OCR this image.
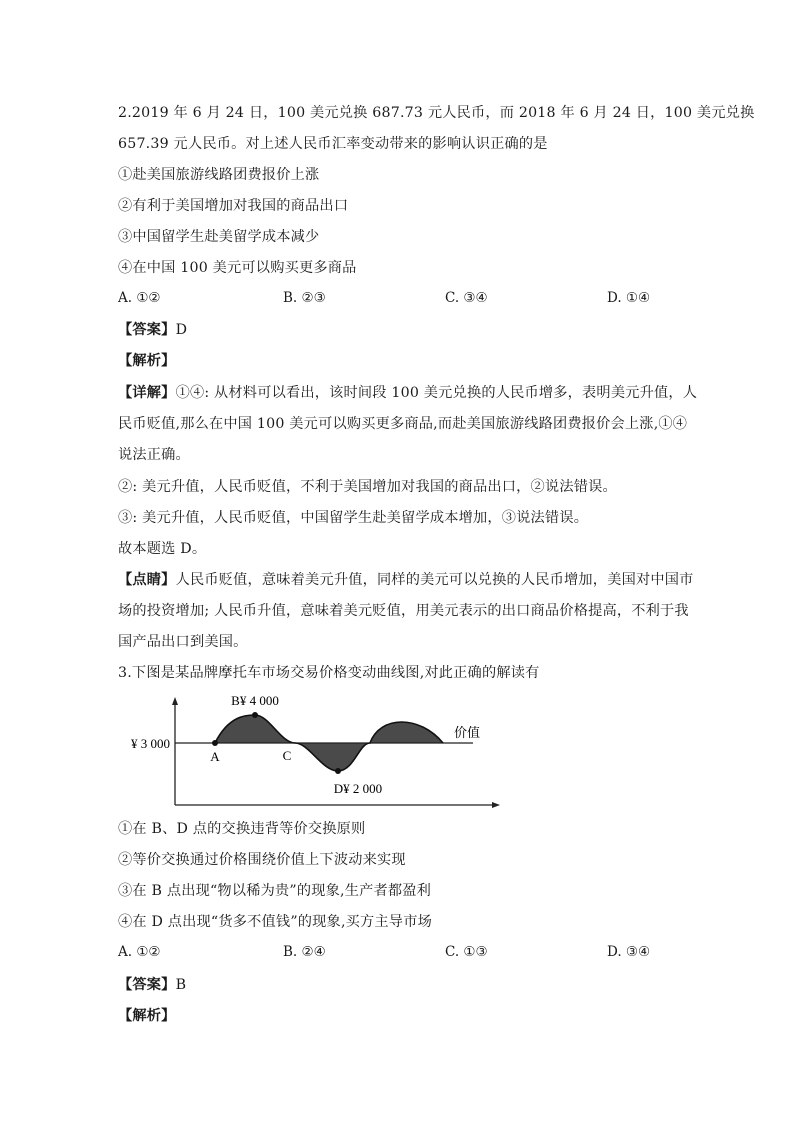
2.2019 年 6 月 24 日，100 美元兑换 687.73 元人民币，而 2018 年 6 月 24 日，100 美元兑换
657.39 元人民币。对上述人民币汇率变动带来的影响认识正确的是
①赴美国旅游线路团费报价上涨
②有利于美国增加对我国的商品出口
③中国留学生赴美留学成本减少
④在中国 100 美元可以购买更多商品
A. ①②	B. ②③	C. ③④	D. ①④
【答案】D
【解析】
【详解】①④: 从材料可以看出，该时间段 100 美元兑换的人民币增多，表明美元升值，人
民币贬值,那么在中国 100 美元可以购买更多商品,而赴美国旅游线路团费报价会上涨,①④
说法正确。
②: 美元升值，人民币贬值，不利于美国增加对我国的商品出口，②说法错误。
③: 美元升值，人民币贬值，中国留学生赴美留学成本增加，③说法错误。
故本题选 D。
【点睛】人民币贬值，意味着美元升值，同样的美元可以兑换的人民币增加，美国对中国市
场的投资增加; 人民币升值，意味着美元贬值，用美元表示的出口商品价格提高，不利于我
国产品出口到美国。
3.下图是某品牌摩托车市场交易价格变动曲线图,对此正确的解读有
¥ 3 000
价值
A
B¥ 4 000
C
D¥ 2 000
①在 B、D 点的交换违背等价交换原则
②等价交换通过价格围绕价值上下波动来实现
③在 B 点出现“物以稀为贵”的现象,生产者都盈利
④在 D 点出现“货多不值钱”的现象,买方主导市场
A. ①②	B. ②④	C. ①③	D. ③④
【答案】B
【解析】
